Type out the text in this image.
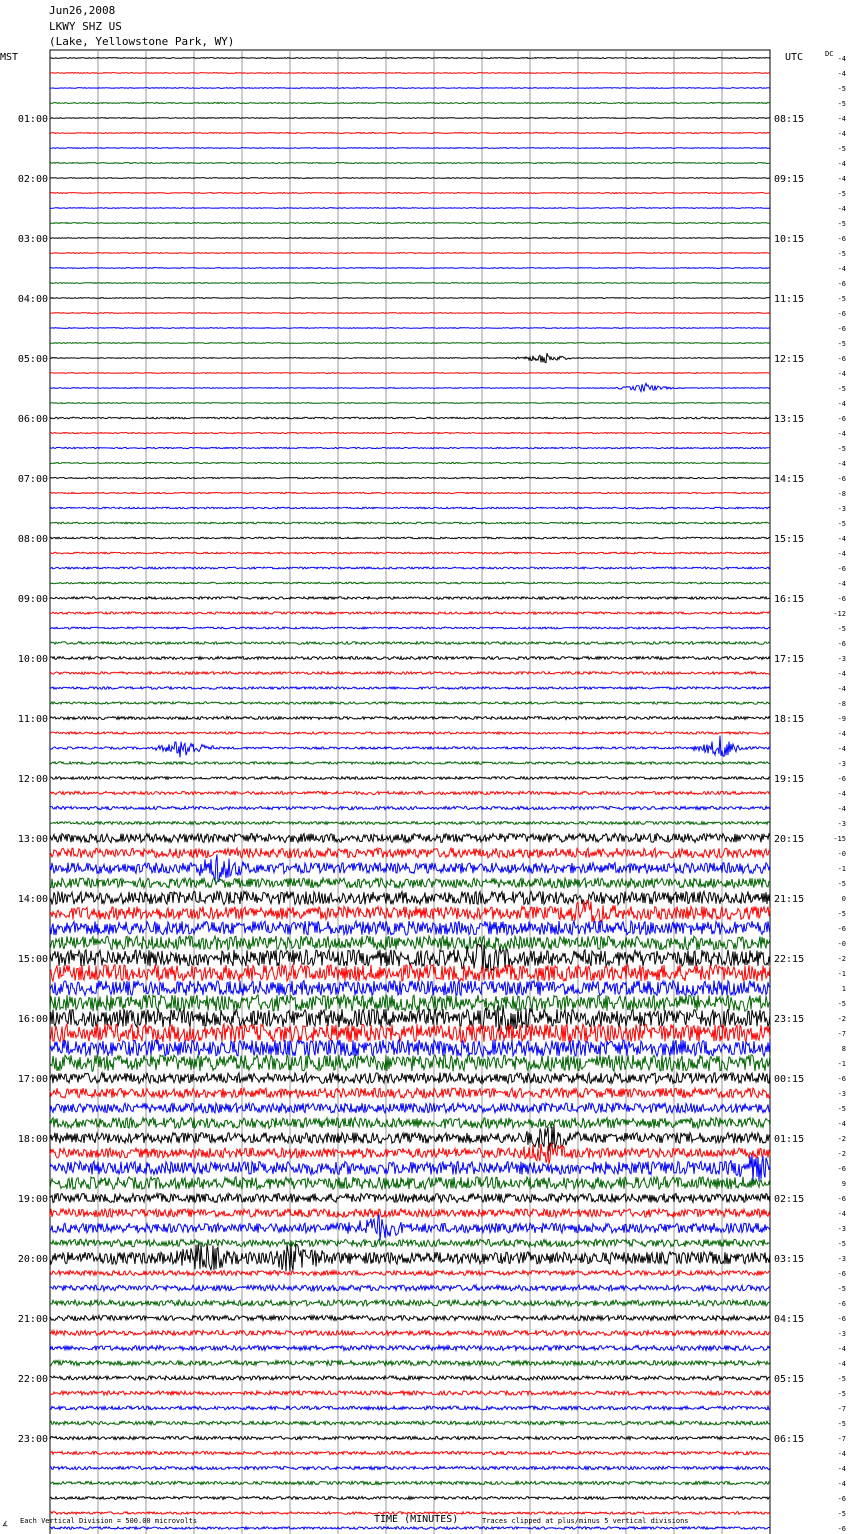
Jun26,2008
LKWY SHZ US
(Lake, Yellowstone Park, WY)
01:00	08:15
02:00	09:15
03:00	10:15
04:00	11:15
05:00	12:15
06:00	13:15
07:00	14:15
08:00	15:15
09:00	16:15
10:00	17:15
11:00	18:15
12:00	19:15
13:00	20:15
14:00	21:15
15:00	22:15
16:00	23:15
17:00	00:15
18:00	01:15
19:00	02:15
20:00	03:15
21:00	04:15
22:00	05:15
23:00	06:15
-4
-4
-5
-5
-4
-4
-5
-4
-4
-5
-4
-5
-6
-5
-4
-6
-5
-6
-6
-5
-6
-4
-5
-4
-6
-4
-5
-4
-6
-8
-3
-5
-4
-4
-6
-4
-6
-12
-5
-6
-3
-4
-4
-8
-9
-4
-4
-3
-6
-4
-4
-3
-15
-0
-1
-5
0
-5
-6
-0
-2
-1
1
-5
-2
-7
8
-1
-6
-3
-5
-4
-2
-2
-6
9
-6
-4
-3
-5
-3
-6
-5
-6
-6
-3
-4
-4
-5
-5
-7
-5
-7
-4
-4
-4
-6
-5
-6
MST	UTC	DC
Each Vertical Division = 500.00 microvolts	TIME (MINUTES)	Traces clipped at plus/minus 5 vertical divisions
∡
